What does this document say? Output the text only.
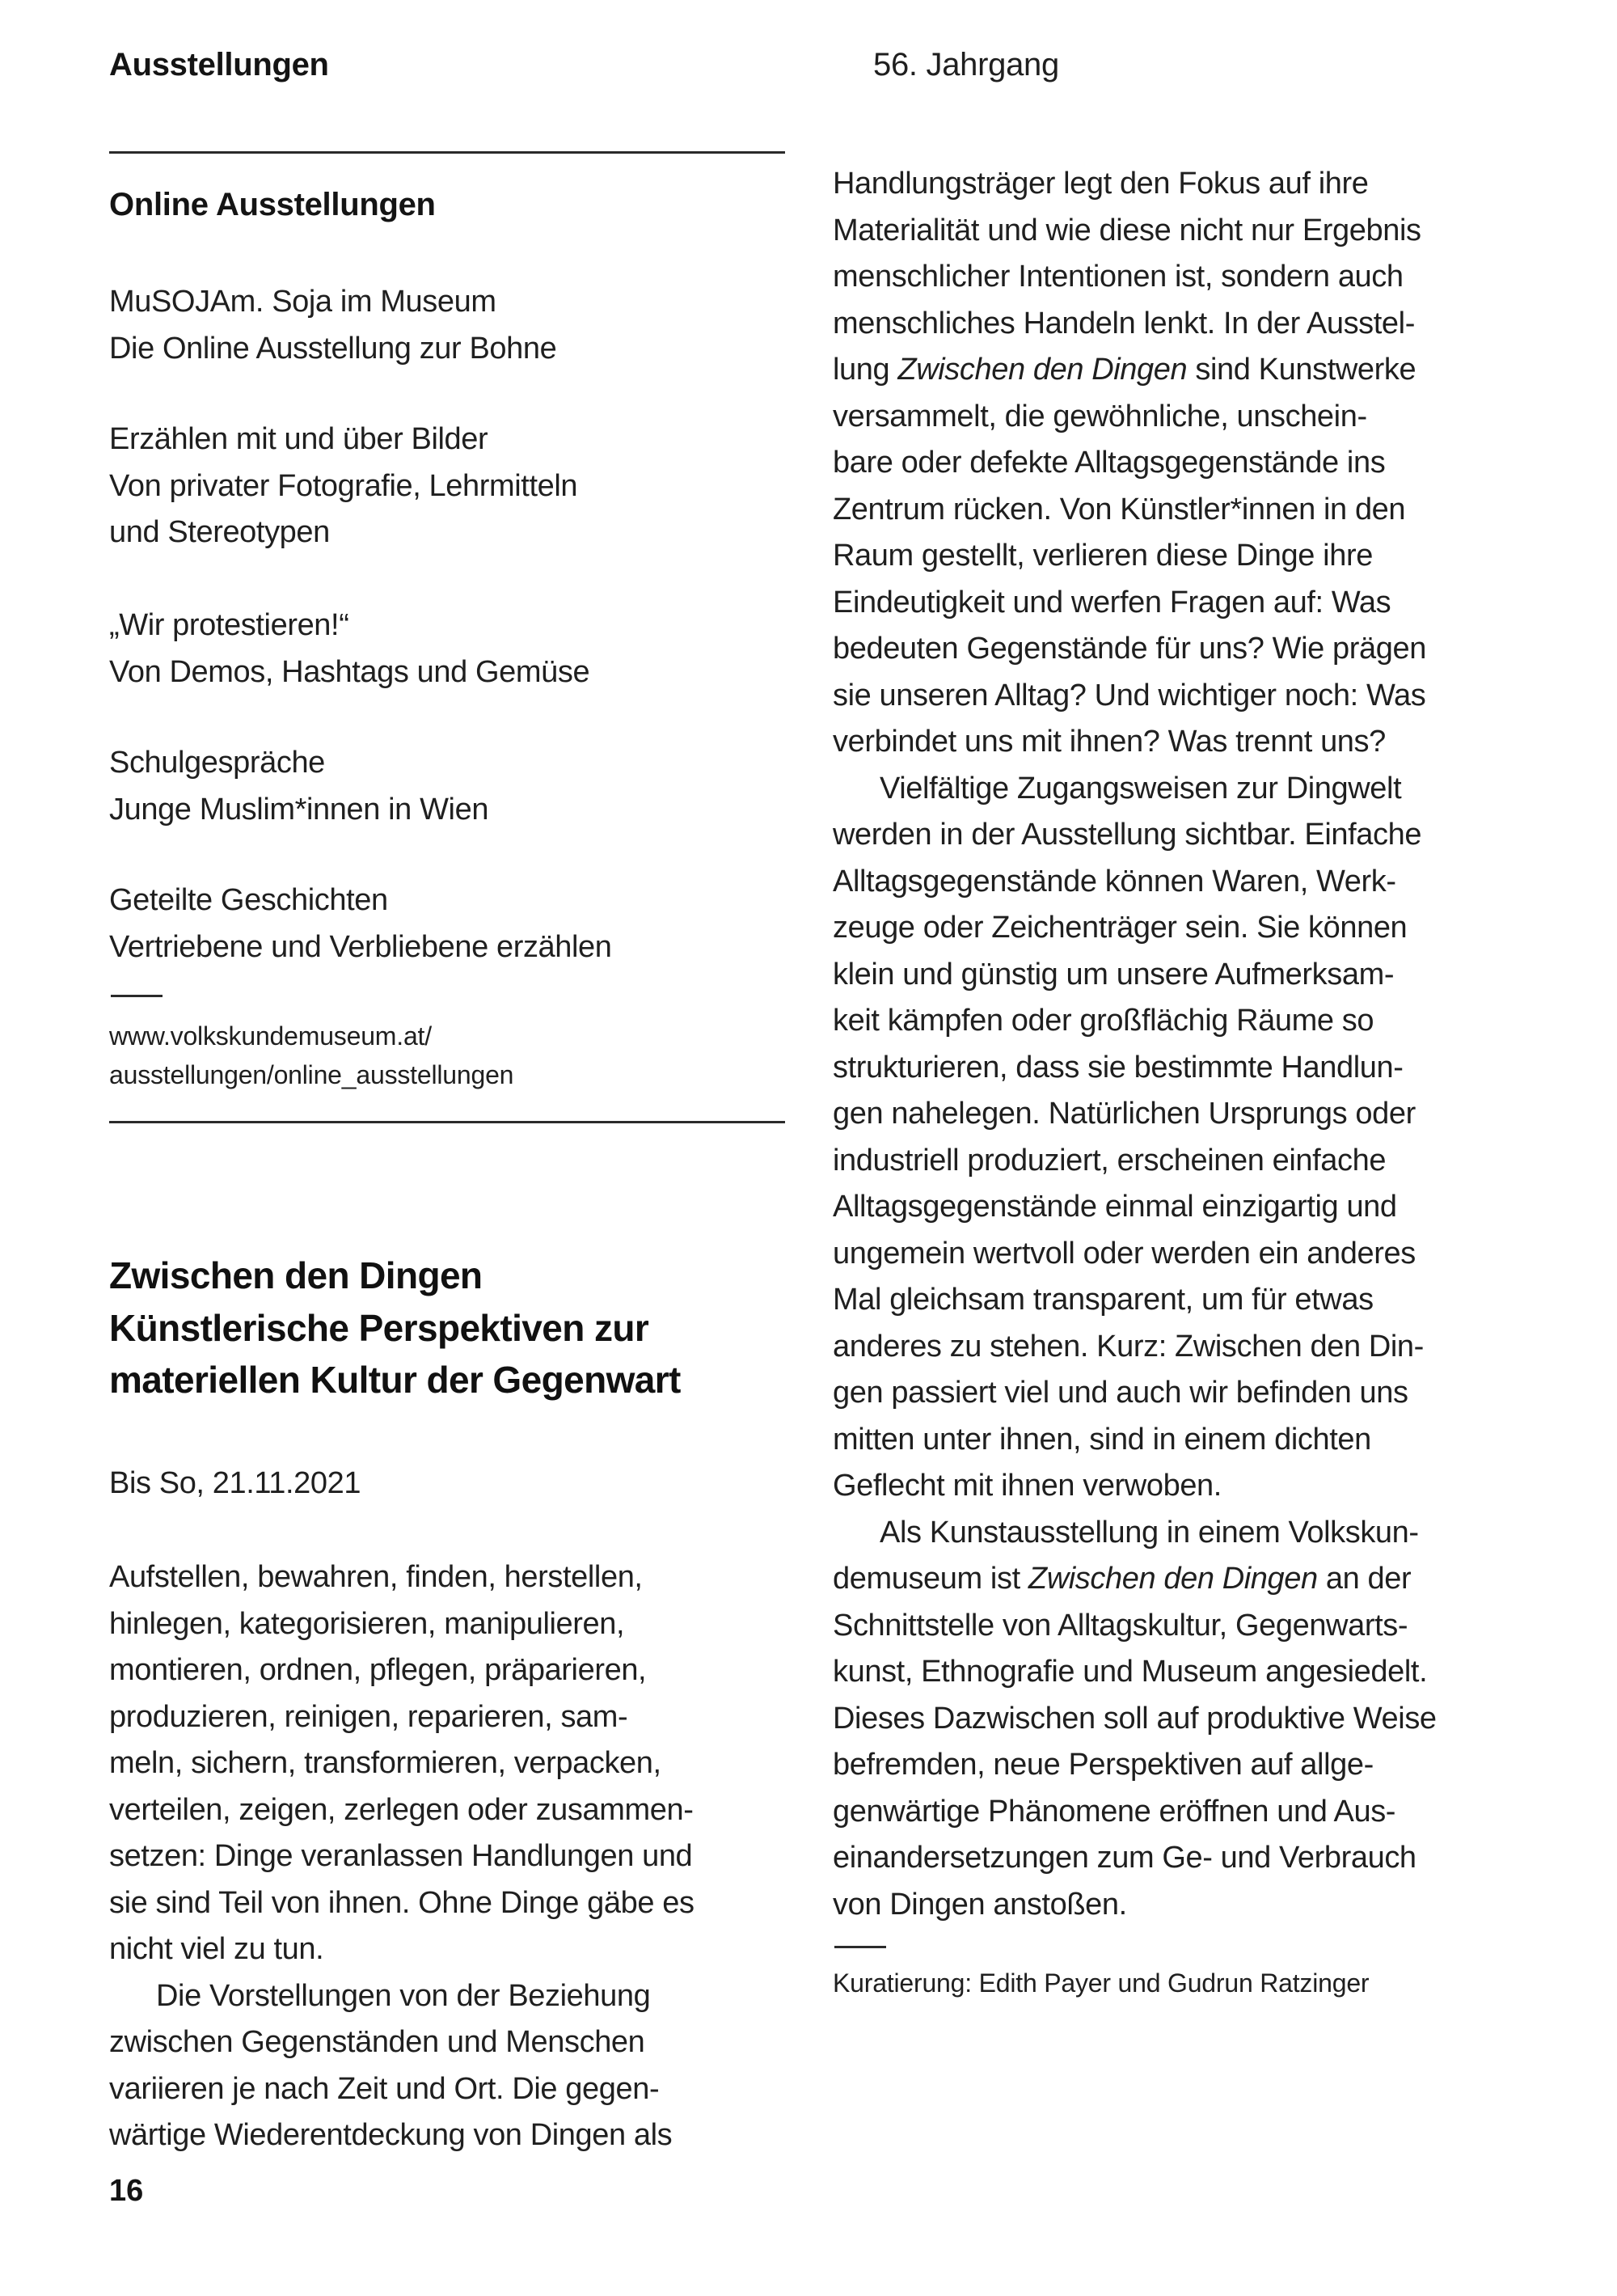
Ausstellungen	56. Jahrgang
Online Ausstellungen
MuSOJAm. Soja im Museum
Die Online Ausstellung zur Bohne
Erzählen mit und über Bilder
Von privater Fotografie, Lehrmitteln
und Stereotypen
„Wir protestieren!“
Von Demos, Hashtags und Gemüse
Schulgespräche
Junge Muslim*innen in Wien
Geteilte Geschichten
Vertriebene und Verbliebene erzählen
www.volkskundemuseum.at/
ausstellungen/online_ausstellungen
Zwischen den Dingen
Künstlerische Perspektiven zur
materiellen Kultur der Gegenwart
Bis So, 21.11.2021
Aufstellen, bewahren, finden, herstellen,
hinlegen, kategorisieren, manipulieren,
montieren, ordnen, pflegen, präparieren,
produzieren, reinigen, reparieren, sam-
meln, sichern, transformieren, verpacken,
verteilen, zeigen, zerlegen oder zusammen-
setzen: Dinge veranlassen Handlungen und
sie sind Teil von ihnen. Ohne Dinge gäbe es
nicht viel zu tun.
Die Vorstellungen von der Beziehung
zwischen Gegenständen und Menschen
variieren je nach Zeit und Ort. Die gegen-
wärtige Wiederentdeckung von Dingen als
16
Handlungsträger legt den Fokus auf ihre
Materialität und wie diese nicht nur Ergebnis
menschlicher Intentionen ist, sondern auch
menschliches Handeln lenkt. In der Ausstel-
lung Zwischen den Dingen sind Kunstwerke
versammelt, die gewöhnliche, unschein-
bare oder defekte Alltagsgegenstände ins
Zentrum rücken. Von Künstler*innen in den
Raum gestellt, verlieren diese Dinge ihre
Eindeutigkeit und werfen Fragen auf: Was
bedeuten Gegenstände für uns? Wie prägen
sie unseren Alltag? Und wichtiger noch: Was
verbindet uns mit ihnen? Was trennt uns?
Vielfältige Zugangsweisen zur Dingwelt
werden in der Ausstellung sichtbar. Einfache
Alltagsgegenstände können Waren, Werk-
zeuge oder Zeichenträger sein. Sie können
klein und günstig um unsere Aufmerksam-
keit kämpfen oder großflächig Räume so
strukturieren, dass sie bestimmte Handlun-
gen nahelegen. Natürlichen Ursprungs oder
industriell produziert, erscheinen einfache
Alltagsgegenstände einmal einzigartig und
ungemein wertvoll oder werden ein anderes
Mal gleichsam transparent, um für etwas
anderes zu stehen. Kurz: Zwischen den Din-
gen passiert viel und auch wir befinden uns
mitten unter ihnen, sind in einem dichten
Geflecht mit ihnen verwoben.
Als Kunstausstellung in einem Volkskun-
demuseum ist Zwischen den Dingen an der
Schnittstelle von Alltagskultur, Gegenwarts-
kunst, Ethnografie und Museum angesiedelt.
Dieses Dazwischen soll auf produktive Weise
befremden, neue Perspektiven auf allge-
genwärtige Phänomene eröffnen und Aus-
einandersetzungen zum Ge- und Verbrauch
von Dingen anstoßen.
Kuratierung: Edith Payer und Gudrun Ratzinger
